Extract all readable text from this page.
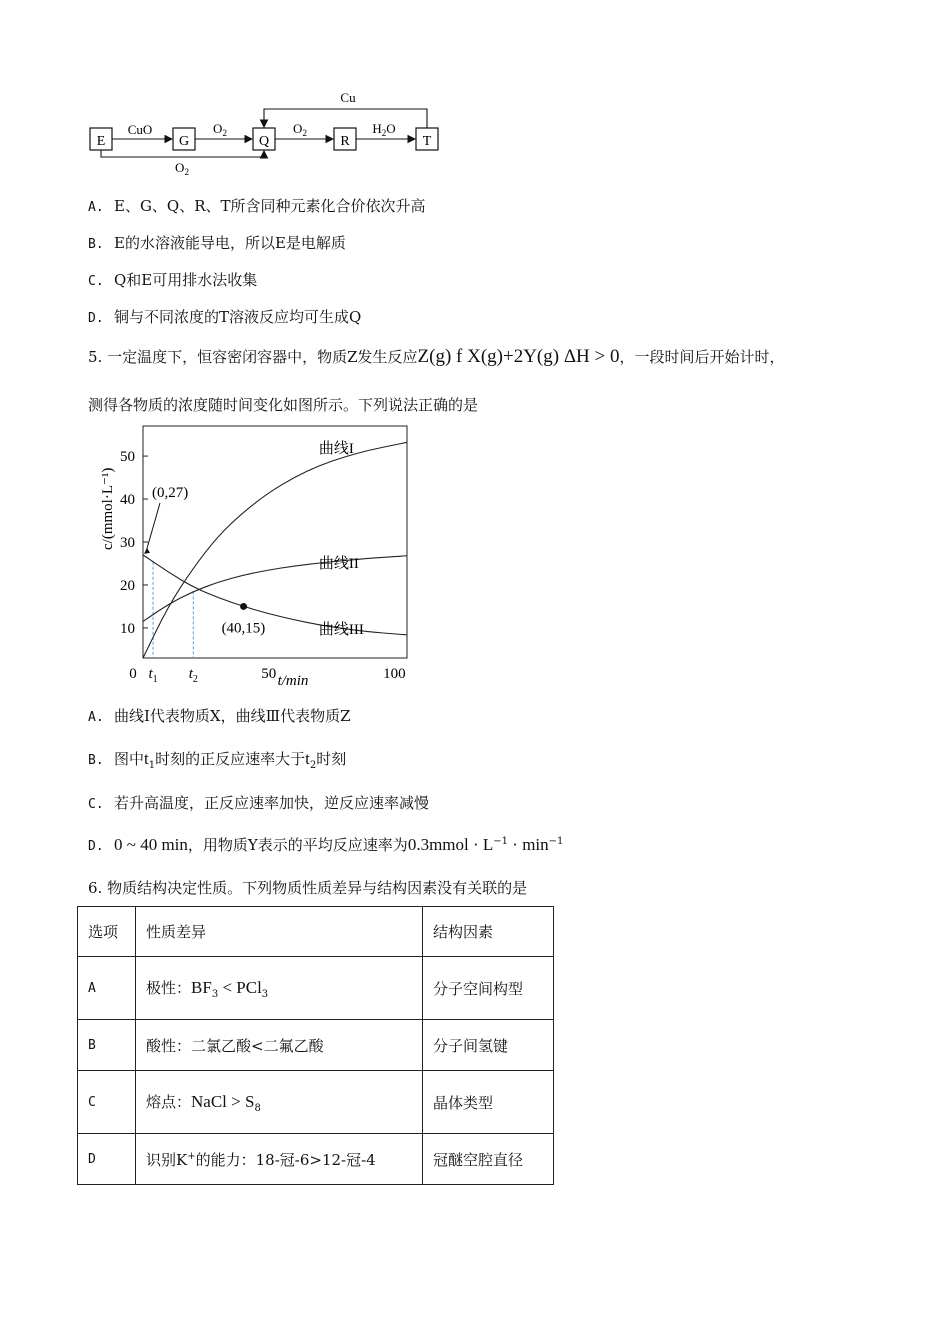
E	G	Q	R	T
CuO	$O_2$	$O_2$	$H_2O$
Cu
$O_2$
A. E、G、Q、R、T所含同种元素化合价依次升高
B. E的水溶液能导电，所以E是电解质
C. Q和E可用排水法收集
D. 铜与不同浓度的T溶液反应均可生成Q
5. 一定温度下，恒容密闭容器中，物质Z发生反应Z(g) f X(g)+2Y(g) ΔH > 0，一段时间后开始计时，
测得各物质的浓度随时间变化如图所示。下列说法正确的是
10
20
30
40
50
0	50	100
$t_1$ $t_2$
曲线I
曲线II
曲线III
(0,27)
(40,15)
c/(mmol·L⁻¹)
t/min
A. 曲线Ⅰ代表物质X，曲线Ⅲ代表物质Z
B. 图中$t_1$时刻的正反应速率大于$t_2$时刻
C. 若升高温度，正反应速率加快，逆反应速率减慢
D. 0 ~ 40 min，用物质Y表示的平均反应速率为0.3mmol · $L^{-1} \cdot \min^{-1}$
6. 物质结构决定性质。下列物质性质差异与结构因素没有关联的是
选项	性质差异	结构因素
A	极性：$BF_3 < PCl_3$	分子空间构型
B	酸性：二氯乙酸<二氟乙酸	分子间氢键
C	熔点：NaCl > $S_8$	晶体类型
D	识别K+的能力：18-冠-6>12-冠-4	冠醚空腔直径
